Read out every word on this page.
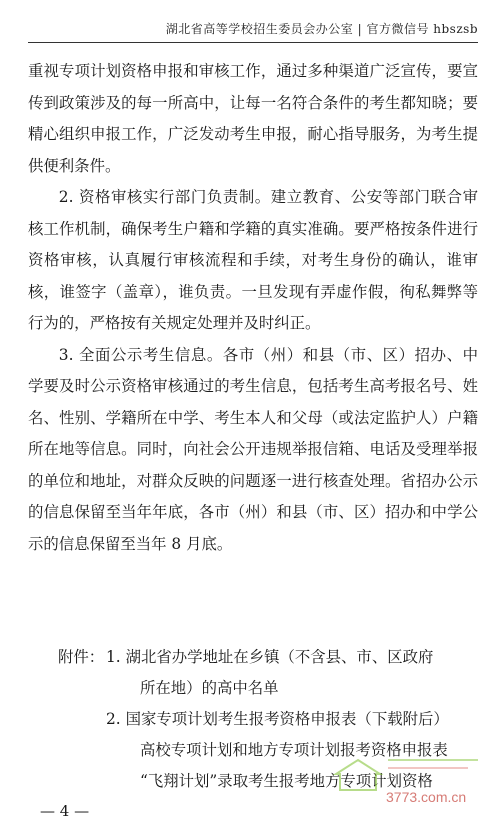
湖北省高等学校招生委员会办公室 | 官方微信号 hbszsb

重视专项计划资格申报和审核工作，通过多种渠道广泛宣传，要宣传到政策涉及的每一所高中，让每一名符合条件的考生都知晓；要精心组织申报工作，广泛发动考生申报，耐心指导服务，为考生提供便利条件。

2. 资格审核实行部门负责制。建立教育、公安等部门联合审核工作机制，确保考生户籍和学籍的真实准确。要严格按条件进行资格审核，认真履行审核流程和手续，对考生身份的确认，谁审核，谁签字（盖章），谁负责。一旦发现有弄虚作假，徇私舞弊等行为的，严格按有关规定处理并及时纠正。

3. 全面公示考生信息。各市（州）和县（市、区）招办、中学要及时公示资格审核通过的考生信息，包括考生高考报名号、姓名、性别、学籍所在中学、考生本人和父母（或法定监护人）户籍所在地等信息。同时，向社会公开违规举报信箱、电话及受理举报的单位和地址，对群众反映的问题逐一进行核查处理。省招办公示的信息保留至当年年底，各市（州）和县（市、区）招办和中学公示的信息保留至当年 8 月底。

附件： 1. 湖北省办学地址在乡镇（不含县、市、区政府
所在地）的高中名单
2. 国家专项计划考生报考资格申报表（下载附后）
高校专项计划和地方专项计划报考资格申报表
“飞翔计划”录取考生报考地方专项计划资格
— 4 —
3773.com.cn
